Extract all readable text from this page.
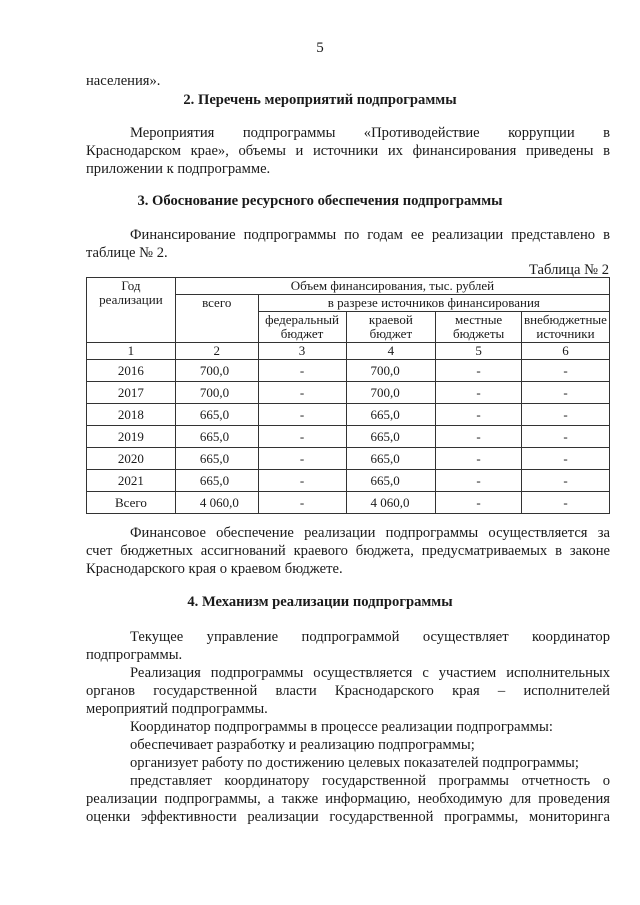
5
населения».
2. Перечень мероприятий подпрограммы
Мероприятия подпрограммы «Противодействие коррупции в
Краснодарском крае», объемы и источники их финансирования приведены в
приложении к подпрограмме.
3. Обоснование ресурсного обеспечения подпрограммы
Финансирование подпрограммы по годам ее реализации представлено в
таблице № 2.
Таблица № 2
Год реализации	Объем финансирования, тыс. рублей				
	всего	в разрезе источников финансирования			
		федеральный бюджет	краевой бюджет	местные бюджеты	внебюджетные источники
1	2	3	4	5	6
2016	700,0	-	700,0	-	-
2017	700,0	-	700,0	-	-
2018	665,0	-	665,0	-	-
2019	665,0	-	665,0	-	-
2020	665,0	-	665,0	-	-
2021	665,0	-	665,0	-	-
Всего	4 060,0	-	4 060,0	-	-
Финансовое обеспечение реализации подпрограммы осуществляется за
счет бюджетных ассигнований краевого бюджета, предусматриваемых в законе
Краснодарского края о краевом бюджете.
4. Механизм реализации подпрограммы
Текущее управление подпрограммой осуществляет координатор
подпрограммы.
Реализация подпрограммы осуществляется с участием исполнительных
органов государственной власти Краснодарского края – исполнителей
мероприятий подпрограммы.
Координатор подпрограммы в процессе реализации подпрограммы:
обеспечивает разработку и реализацию подпрограммы;
организует работу по достижению целевых показателей подпрограммы;
представляет координатору государственной программы отчетность о
реализации подпрограммы, а также информацию, необходимую для проведения
оценки эффективности реализации государственной программы, мониторинга
